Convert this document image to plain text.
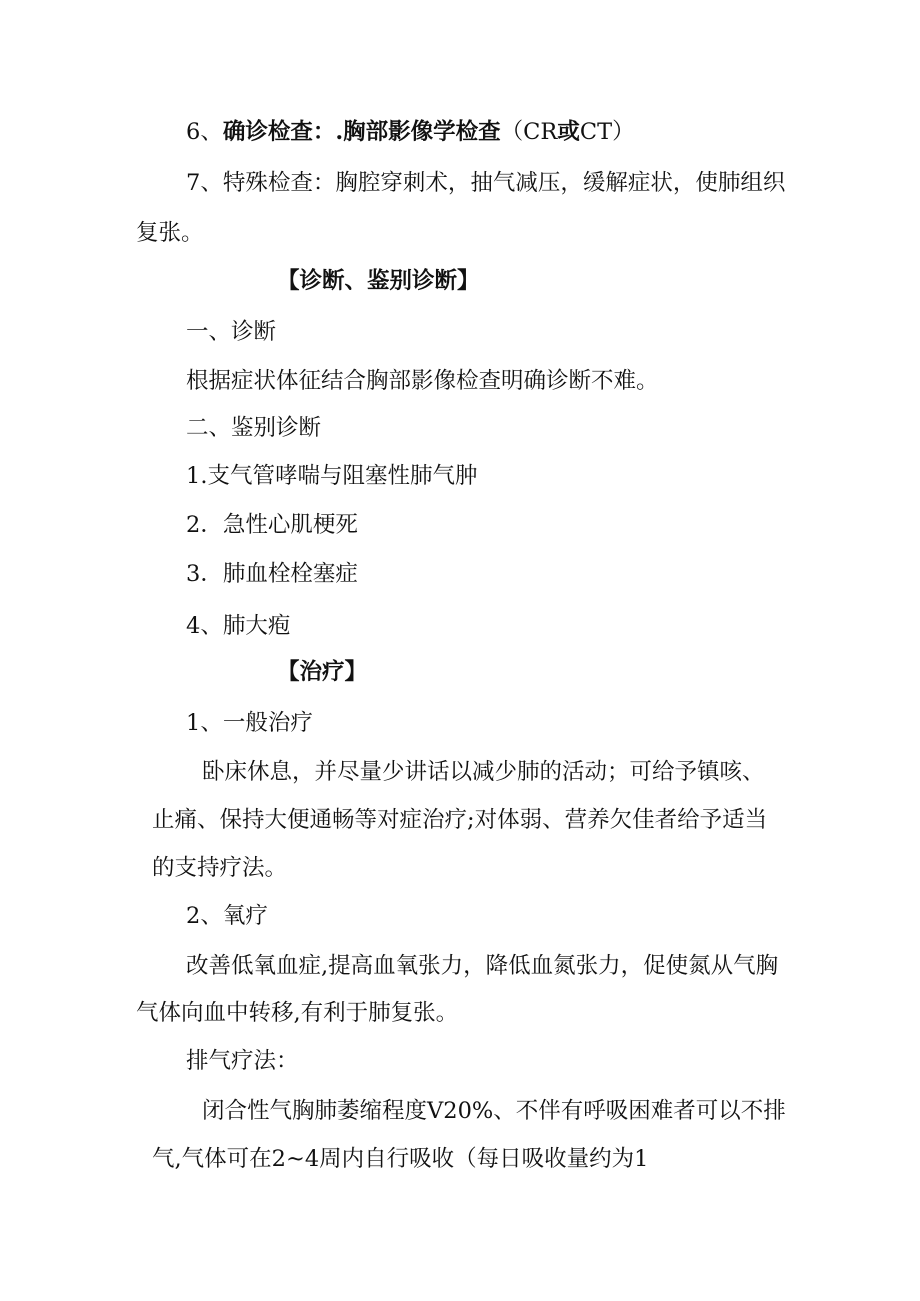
6、确诊检查：.胸部影像学检查（CR或CT）

7、特殊检查：胸腔穿刺术，抽气减压，缓解症状，使肺组织

复张。

【诊断、鉴别诊断】

一、诊断

根据症状体征结合胸部影像检查明确诊断不难。

二、鉴别诊断

1.支气管哮喘与阻塞性肺气肿

2．急性心肌梗死

3．肺血栓栓塞症

4、肺大疱

【治疗】

1、一般治疗

卧床休息，并尽量少讲话以减少肺的活动；可给予镇咳、

止痛、保持大便通畅等对症治疗;对体弱、营养欠佳者给予适当

的支持疗法。

2、氧疗

改善低氧血症,提高血氧张力，降低血氮张力，促使氮从气胸

气体向血中转移,有利于肺复张。

排气疗法：

闭合性气胸肺萎缩程度V20%、不伴有呼吸困难者可以不排

气,气体可在2~4周内自行吸收（每日吸收量约为1
